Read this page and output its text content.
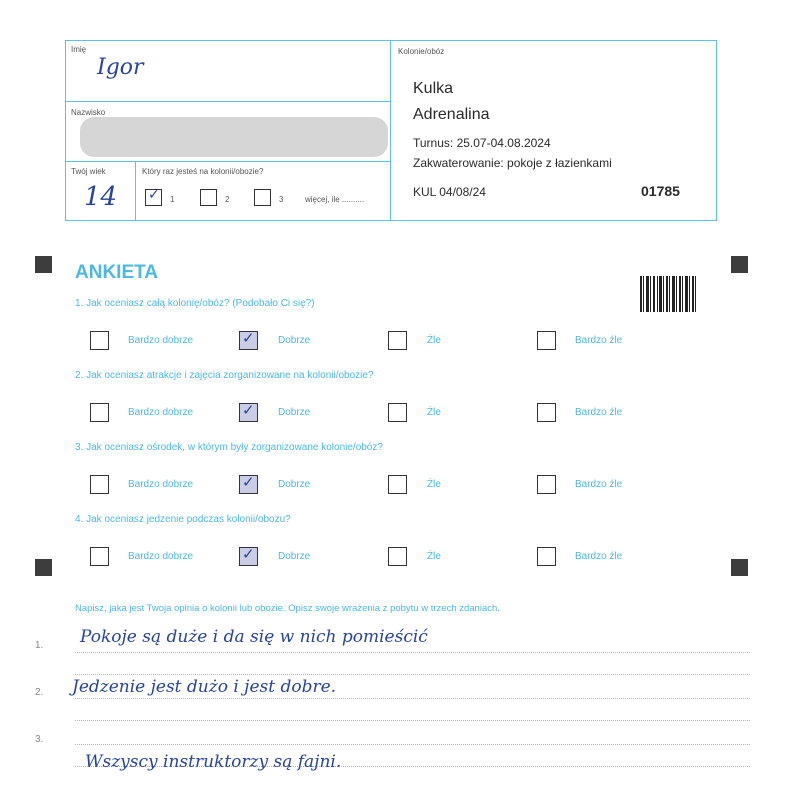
Imię
Igor
Nazwisko
Twój wiek
14
Który raz jesteś na kolonii/obozie?
✓ 1	2	3	więcej, ile ..........
Kolonie/obóz
Kulka
Adrenalina
Turnus: 25.07-04.08.2024
Zakwaterowanie: pokoje z łazienkami
KUL 04/08/24	01785
ANKIETA
1. Jak oceniasz całą kolonię/obóz? (Podobało Ci się?)
Bardzo dobrze	✓ Dobrze	Źle	Bardzo źle
2. Jak oceniasz atrakcje i zajęcia zorganizowane na kolonii/obozie?
Bardzo dobrze	✓ Dobrze	Źle	Bardzo źle
3. Jak oceniasz ośrodek, w którym były zorganizowane kolonie/obóz?
Bardzo dobrze	✓ Dobrze	Źle	Bardzo źle
4. Jak oceniasz jedzenie podczas kolonii/obozu?
Bardzo dobrze	✓ Dobrze	Źle	Bardzo źle
Napisz, jaka jest Twoja opinia o kolonii lub obozie. Opisz swoje wrażenia z pobytu w trzech zdaniach.
1.
2.
3.
Pokoje są duże i da się w nich pomieścić
Jedzenie jest dużo i jest dobre.
Wszyscy instruktorzy są fajni.
